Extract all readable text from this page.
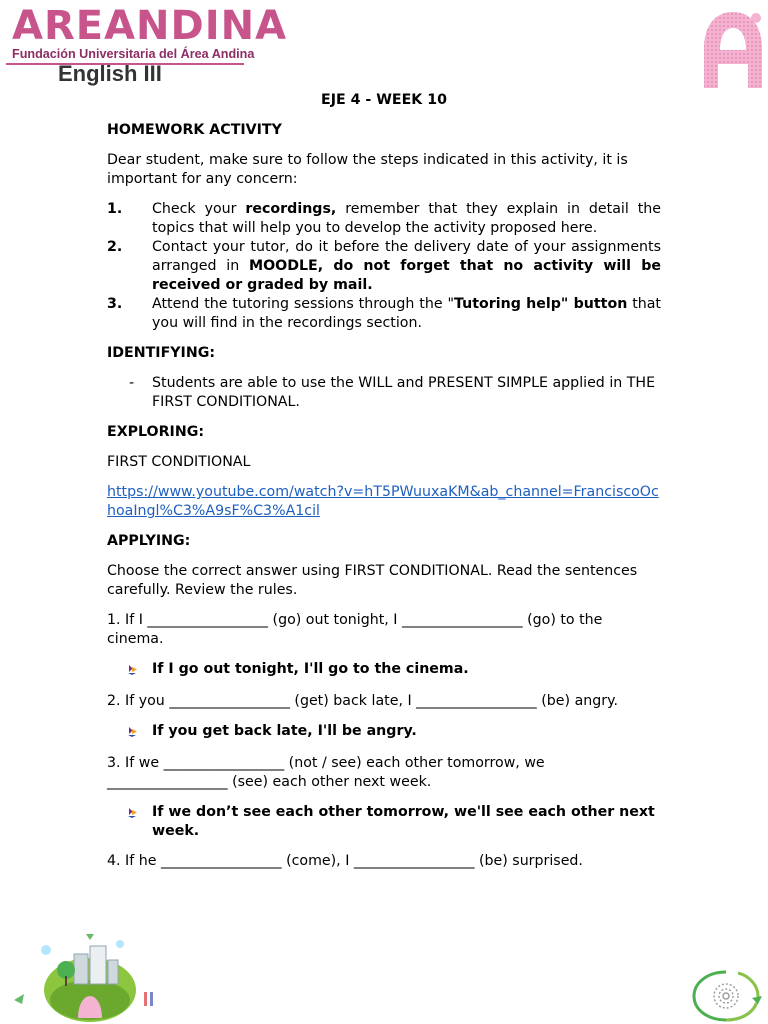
AREANDINA
Fundación Universitaria del Área Andina
English III
EJE 4 - WEEK 10
HOMEWORK ACTIVITY
Dear student, make sure to follow the steps indicated in this activity, it is important for any concern:
1.	Check your recordings, remember that they explain in detail the topics that will help you to develop the activity proposed here.
2.	Contact your tutor, do it before the delivery date of your assignments arranged in MOODLE, do not forget that no activity will be received or graded by mail.
3.	Attend the tutoring sessions through the "Tutoring help" button that you will find in the recordings section.
IDENTIFYING:
-	Students are able to use the WILL and PRESENT SIMPLE applied in THE FIRST CONDITIONAL.
EXPLORING:
FIRST CONDITIONAL
https://www.youtube.com/watch?v=hT5PWuuxaKM&ab_channel=FranciscoOchoaIngl%C3%A9sF%C3%A1cil
APPLYING:
Choose the correct answer using FIRST CONDITIONAL. Read the sentences carefully. Review the rules.
1. If I _________________ (go) out tonight, I _________________ (go) to the cinema.
If I go out tonight, I'll go to the cinema.
2. If you _________________ (get) back late, I _________________ (be) angry.
If you get back late, I'll be angry.
3. If we _________________ (not / see) each other tomorrow, we _________________ (see) each other next week.
If we don’t see each other tomorrow, we'll see each other next week.
4. If he _________________ (come), I _________________ (be) surprised.
